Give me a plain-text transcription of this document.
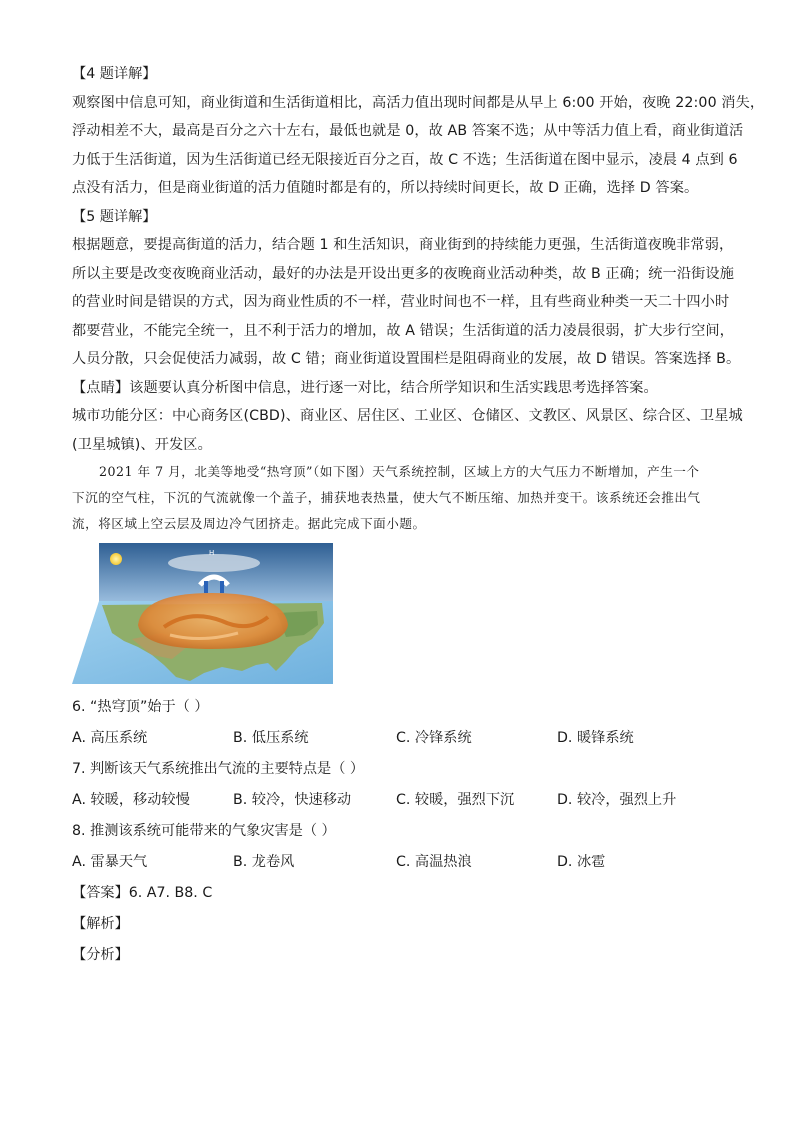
【4 题详解】
观察图中信息可知，商业街道和生活街道相比，高活力值出现时间都是从早上 6:00 开始，夜晚 22:00 消失，
浮动相差不大，最高是百分之六十左右，最低也就是 0，故 AB 答案不选；从中等活力值上看，商业街道活
力低于生活街道，因为生活街道已经无限接近百分之百，故 C 不选；生活街道在图中显示，凌晨 4 点到 6
点没有活力，但是商业街道的活力值随时都是有的，所以持续时间更长，故 D 正确，选择 D 答案。
【5 题详解】
根据题意，要提高街道的活力，结合题 1 和生活知识，商业街到的持续能力更强，生活街道夜晚非常弱，
所以主要是改变夜晚商业活动，最好的办法是开设出更多的夜晚商业活动种类，故 B 正确；统一沿街设施
的营业时间是错误的方式，因为商业性质的不一样，营业时间也不一样，且有些商业种类一天二十四小时
都要营业，不能完全统一，且不利于活力的增加，故 A 错误；生活街道的活力凌晨很弱，扩大步行空间，
人员分散，只会促使活力减弱，故 C 错；商业街道设置围栏是阻碍商业的发展，故 D 错误。答案选择 B。
【点睛】该题要认真分析图中信息，进行逐一对比，结合所学知识和生活实践思考选择答案。
城市功能分区：中心商务区(CBD)、商业区、居住区、工业区、仓储区、文教区、风景区、综合区、卫星城
(卫星城镇)、开发区。
2021 年 7 月，北美等地受“热穹顶”（如下图）天气系统控制，区域上方的大气压力不断增加，产生一个
下沉的空气柱，下沉的气流就像一个盖子，捕获地表热量，使大气不断压缩、加热并变干。该系统还会推出气
流，将区域上空云层及周边冷气团挤走。据此完成下面小题。
H
6. “热穹顶”始于（ ）
A. 高压系统	B. 低压系统	C. 冷锋系统	D. 暖锋系统
7. 判断该天气系统推出气流的主要特点是（ ）
A. 较暖，移动较慢	B. 较冷，快速移动	C. 较暖，强烈下沉	D. 较冷，强烈上升
8. 推测该系统可能带来的气象灾害是（ ）
A. 雷暴天气	B. 龙卷风	C. 高温热浪	D. 冰雹
【答案】6. A7. B8. C
【解析】
【分析】
